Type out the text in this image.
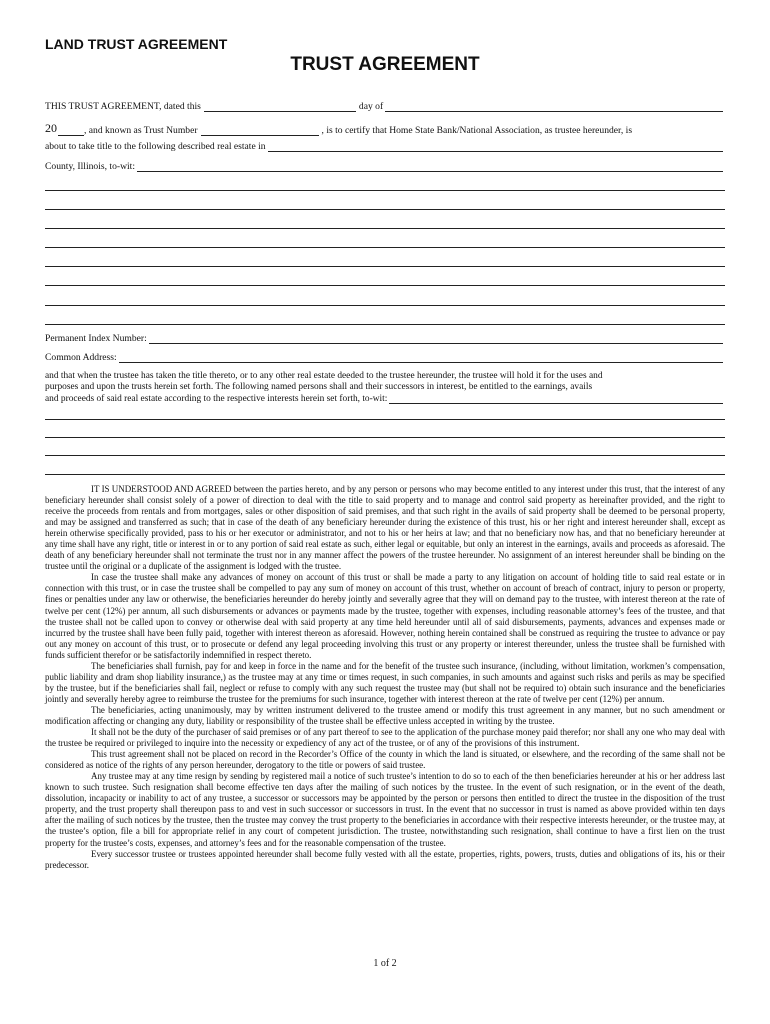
LAND TRUST AGREEMENT
TRUST AGREEMENT
THIS TRUST AGREEMENT, dated this	day of
20	, and known as Trust Number	, is to certify that Home State Bank/National Association, as trustee hereunder, is
about to take title to the following described real estate in
County, Illinois, to-wit:
Permanent Index Number:
Common Address:

and that when the trustee has taken the title thereto, or to any other real estate deeded to the trustee hereunder, the trustee will hold it for the uses and

purposes and upon the trusts herein set forth. The following named persons shall and their successors in interest, be entitled to the earnings, avails

and proceeds of said real estate according to the respective interests herein set forth, to-wit:

IT IS UNDERSTOOD AND AGREED between the parties hereto, and by any person or persons who may become entitled to any interest under this trust, that the interest of any beneficiary hereunder shall consist solely of a power of direction to deal with the title to said property and to manage and control said property as hereinafter provided, and the right to receive the proceeds from rentals and from mortgages, sales or other disposition of said premises, and that such right in the avails of said property shall be deemed to be personal property, and may be assigned and transferred as such; that in case of the death of any beneficiary hereunder during the existence of this trust, his or her right and interest hereunder shall, except as herein otherwise specifically provided, pass to his or her executor or administrator, and not to his or her heirs at law; and that no beneficiary now has, and that no beneficiary hereunder at any time shall have any right, title or interest in or to any portion of said real estate as such, either legal or equitable, but only an interest in the earnings, avails and proceeds as aforesaid. The death of any beneficiary hereunder shall not terminate the trust nor in any manner affect the powers of the trustee hereunder. No assignment of an interest hereunder shall be binding on the trustee until the original or a duplicate of the assignment is lodged with the trustee.

In case the trustee shall make any advances of money on account of this trust or shall be made a party to any litigation on account of holding title to said real estate or in connection with this trust, or in case the trustee shall be compelled to pay any sum of money on account of this trust, whether on account of breach of contract, injury to person or property, fines or penalties under any law or otherwise, the beneficiaries hereunder do hereby jointly and severally agree that they will on demand pay to the trustee, with interest thereon at the rate of twelve per cent (12%) per annum, all such disbursements or advances or payments made by the trustee, together with expenses, including reasonable attorney’s fees of the trustee, and that the trustee shall not be called upon to convey or otherwise deal with said property at any time held hereunder until all of said disbursements, payments, advances and expenses made or incurred by the trustee shall have been fully paid, together with interest thereon as aforesaid. However, nothing herein contained shall be construed as requiring the trustee to advance or pay out any money on account of this trust, or to prosecute or defend any legal proceeding involving this trust or any property or interest thereunder, unless the trustee shall be furnished with funds sufficient therefor or be satisfactorily indemnified in respect thereto.

The beneficiaries shall furnish, pay for and keep in force in the name and for the benefit of the trustee such insurance, (including, without limitation, workmen’s compensation, public liability and dram shop liability insurance,) as the trustee may at any time or times request, in such companies, in such amounts and against such risks and perils as may be specified by the trustee, but if the beneficiaries shall fail, neglect or refuse to comply with any such request the trustee may (but shall not be required to) obtain such insurance and the beneficiaries jointly and severally hereby agree to reimburse the trustee for the premiums for such insurance, together with interest thereon at the rate of twelve per cent (12%) per annum.

The beneficiaries, acting unanimously, may by written instrument delivered to the trustee amend or modify this trust agreement in any manner, but no such amendment or modification affecting or changing any duty, liability or responsibility of the trustee shall be effective unless accepted in writing by the trustee.

It shall not be the duty of the purchaser of said premises or of any part thereof to see to the application of the purchase money paid therefor; nor shall any one who may deal with the trustee be required or privileged to inquire into the necessity or expediency of any act of the trustee, or of any of the provisions of this instrument.

This trust agreement shall not be placed on record in the Recorder’s Office of the county in which the land is situated, or elsewhere, and the recording of the same shall not be considered as notice of the rights of any person hereunder, derogatory to the title or powers of said trustee.

Any trustee may at any time resign by sending by registered mail a notice of such trustee’s intention to do so to each of the then beneficiaries hereunder at his or her address last known to such trustee. Such resignation shall become effective ten days after the mailing of such notices by the trustee. In the event of such resignation, or in the event of the death, dissolution, incapacity or inability to act of any trustee, a successor or successors may be appointed by the person or persons then entitled to direct the trustee in the disposition of the trust property, and the trust property shall thereupon pass to and vest in such successor or successors in trust. In the event that no successor in trust is named as above provided within ten days after the mailing of such notices by the trustee, then the trustee may convey the trust property to the beneficiaries in accordance with their respective interests hereunder, or the trustee may, at the trustee’s option, file a bill for appropriate relief in any court of competent jurisdiction. The trustee, notwithstanding such resignation, shall continue to have a first lien on the trust property for the trustee’s costs, expenses, and attorney’s fees and for the reasonable compensation of the trustee.

Every successor trustee or trustees appointed hereunder shall become fully vested with all the estate, properties, rights, powers, trusts, duties and obligations of its, his or their predecessor.

1 of 2
